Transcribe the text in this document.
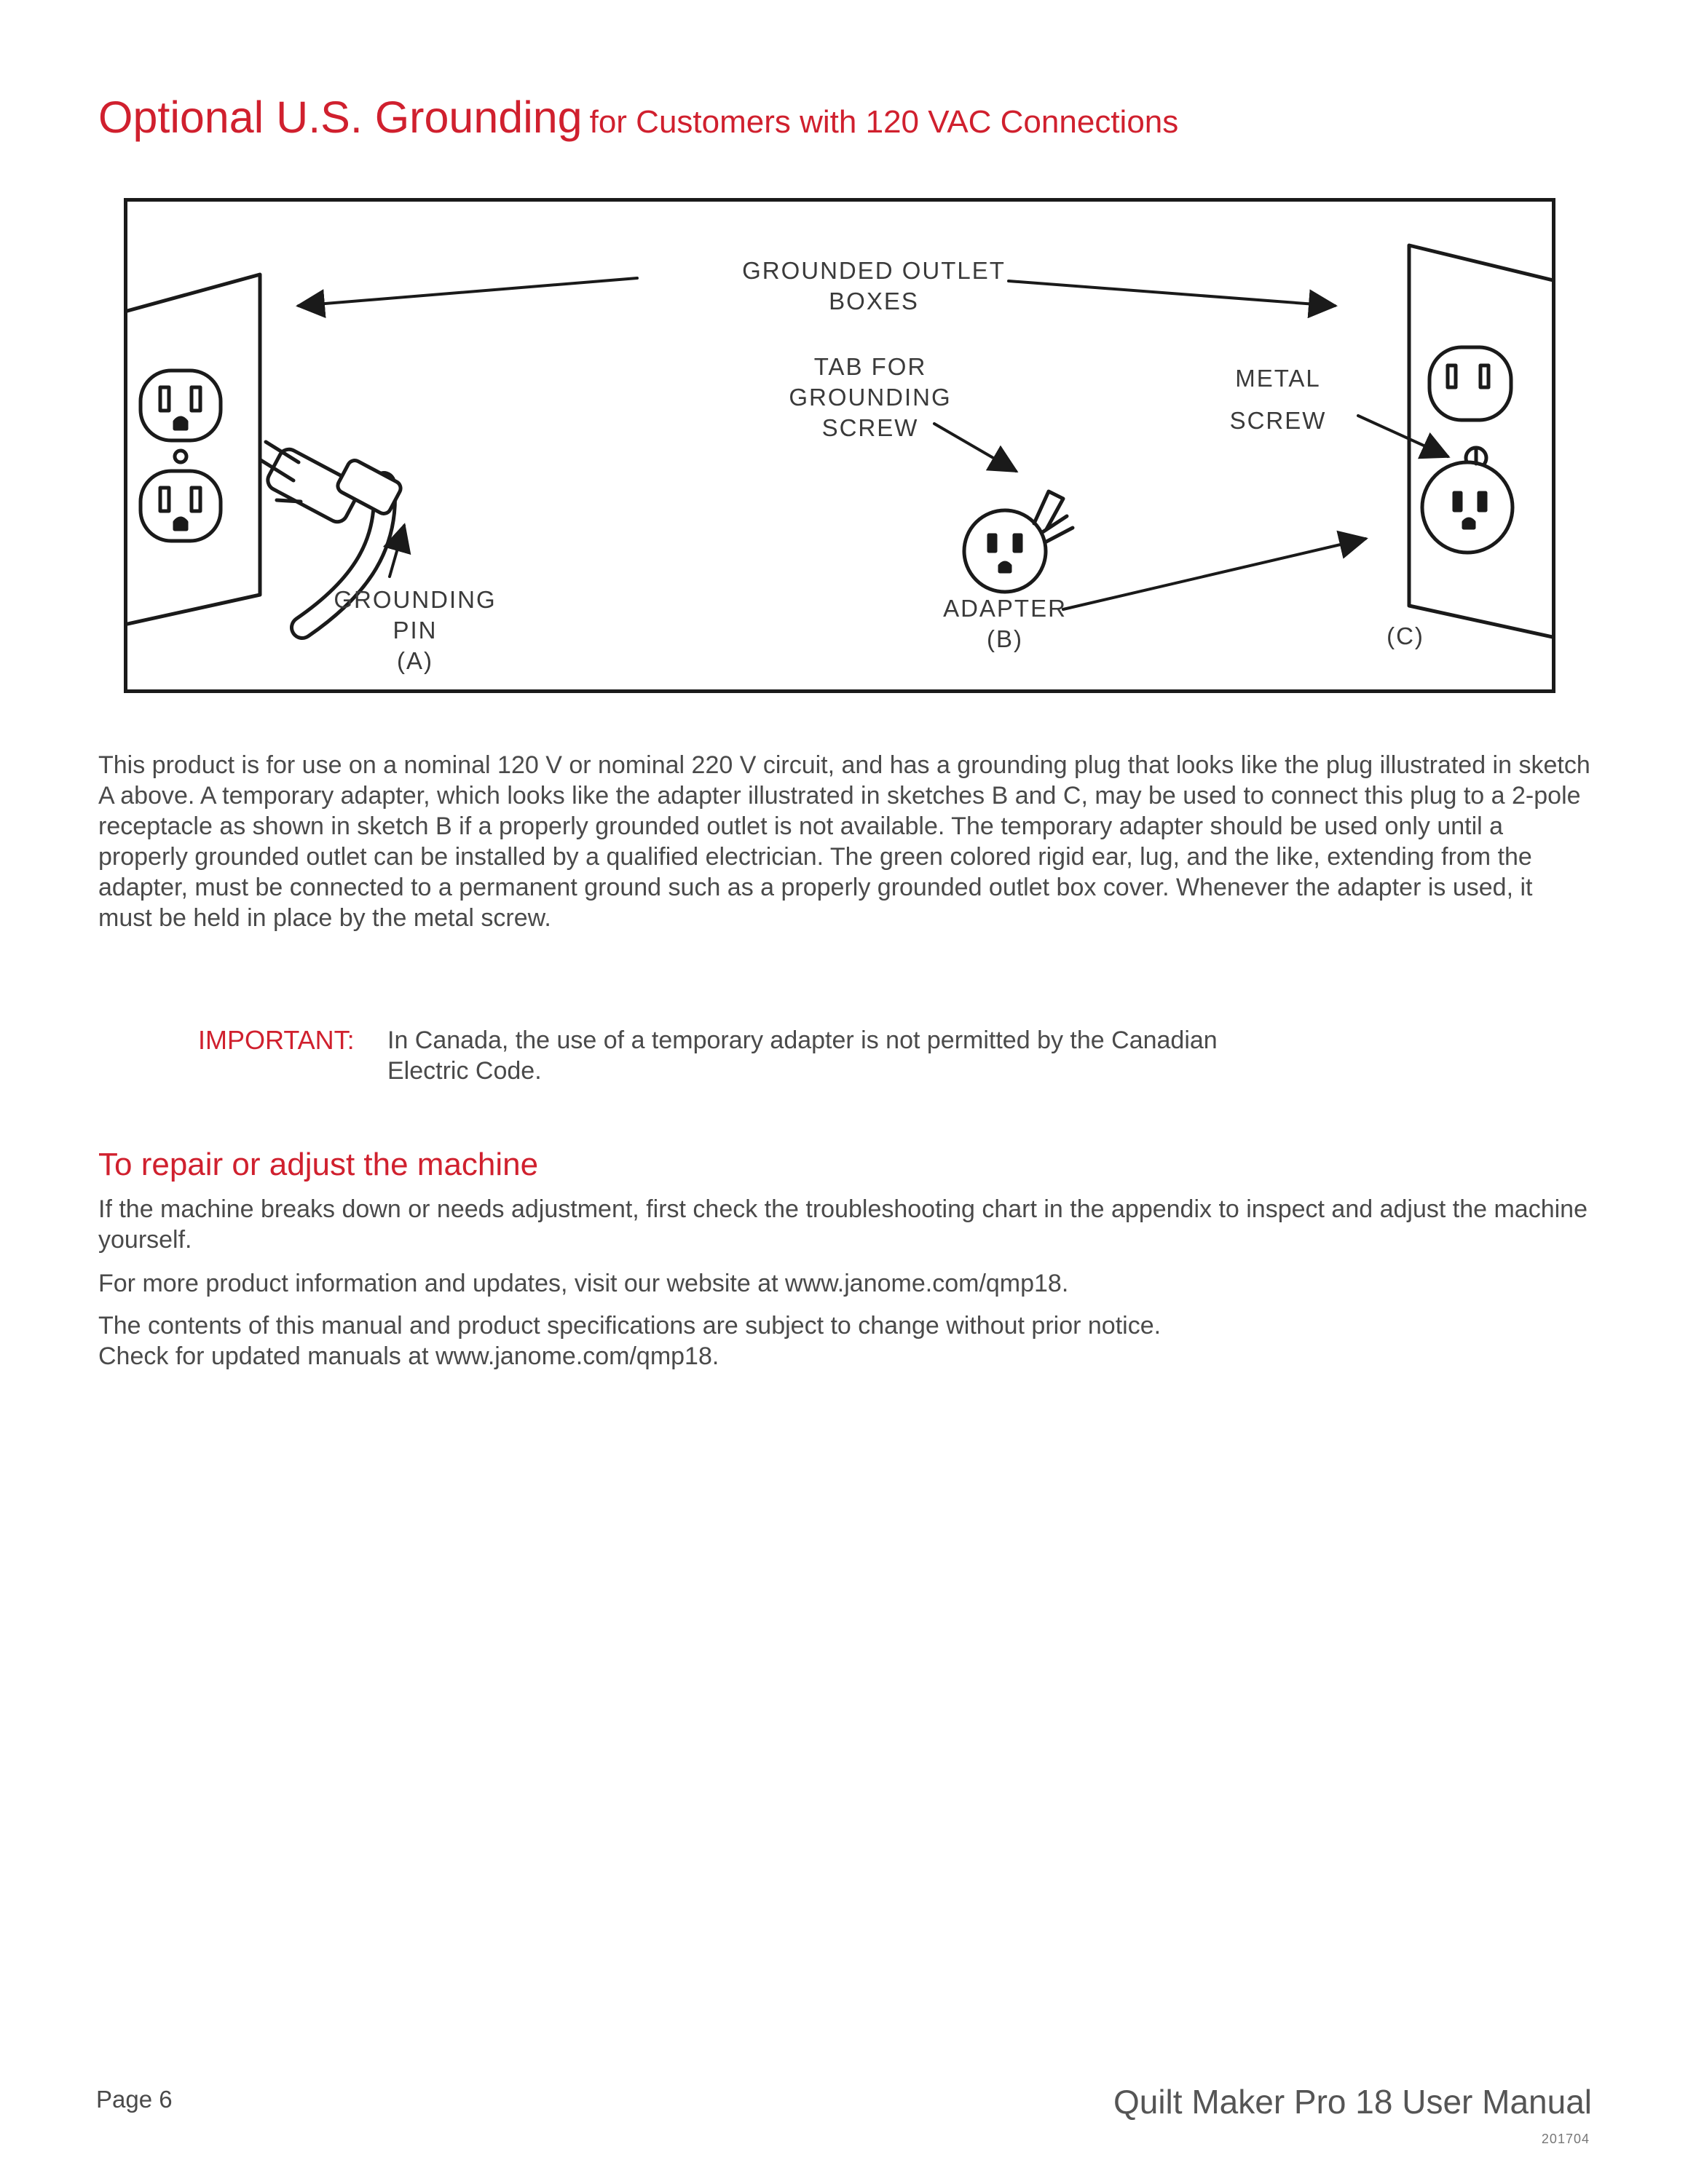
Optional U.S. Grounding for Customers with 120 VAC Connections
GROUNDED OUTLET
BOXES
TAB FOR
GROUNDING
SCREW
METAL
SCREW
GROUNDING
PIN
(A)
ADAPTER
(B)	(C)

This product is for use on a nominal 120 V or nominal 220 V circuit, and has a grounding plug that looks like the plug illustrated in sketch A above. A temporary adapter, which looks like the adapter illustrated in sketches B and C, may be used to connect this plug to a 2-pole receptacle as shown in sketch B if a properly grounded outlet is not available. The temporary adapter should be used only until a properly grounded outlet can be installed by a qualified electrician. The green colored rigid ear, lug, and the like, extending from the adapter, must be connected to a permanent ground such as a properly grounded outlet box cover. Whenever the adapter is used, it must be held in place by the metal screw.

IMPORTANT: In Canada, the use of a temporary adapter is not permitted by the Canadian Electric Code.
To repair or adjust the machine

If the machine breaks down or needs adjustment, first check the troubleshooting chart in the appendix to inspect and adjust the machine yourself.

For more product information and updates, visit our website at www.janome.com/qmp18.

The contents of this manual and product specifications are subject to change without prior notice.
Check for updated manuals at www.janome.com/qmp18.
Page 6	Quilt Maker Pro 18 User Manual
201704
